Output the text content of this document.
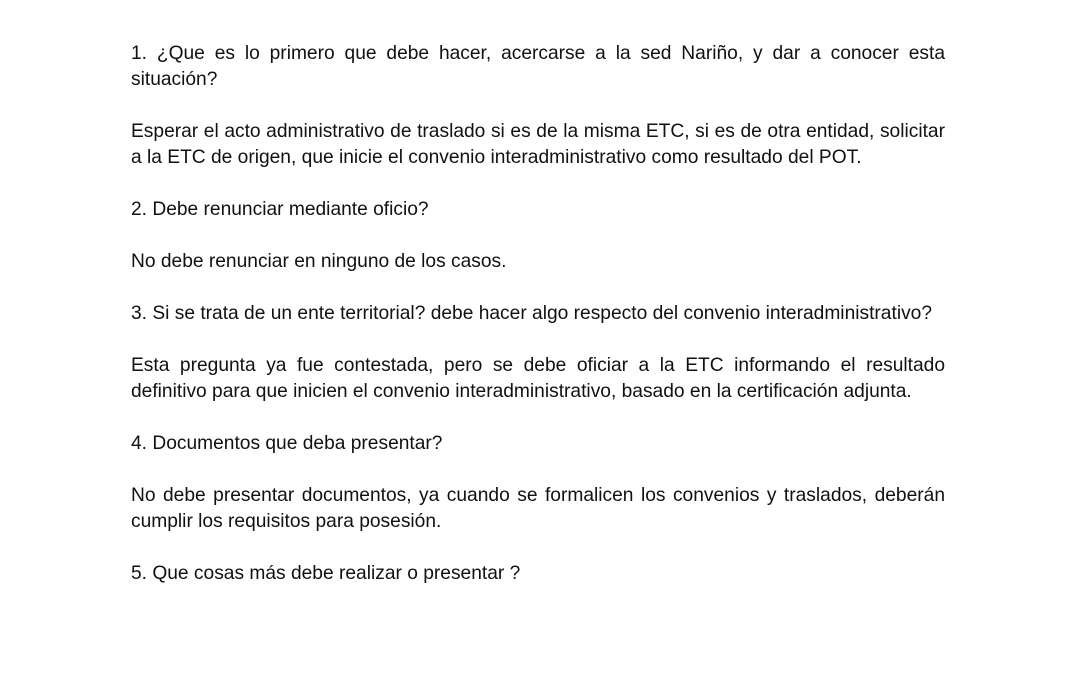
1. ¿Que es lo primero que debe hacer, acercarse a la sed Nariño, y dar a conocer esta situación?

Esperar el acto administrativo de traslado si es de la misma ETC, si es de otra entidad, solicitar a la ETC de origen, que inicie el convenio interadministrativo como resultado del POT.

2. Debe renunciar mediante oficio?

No debe renunciar en ninguno de los casos.

3. Si se trata de un ente territorial? debe hacer algo respecto del convenio interadministrativo?

Esta pregunta ya fue contestada, pero se debe oficiar a la ETC informando el resultado definitivo para que inicien el convenio interadministrativo, basado en la certificación adjunta.

4. Documentos que deba presentar?

No debe presentar documentos, ya cuando se formalicen los convenios y traslados, deberán cumplir los requisitos para posesión.

5. Que cosas más debe realizar o presentar ?
